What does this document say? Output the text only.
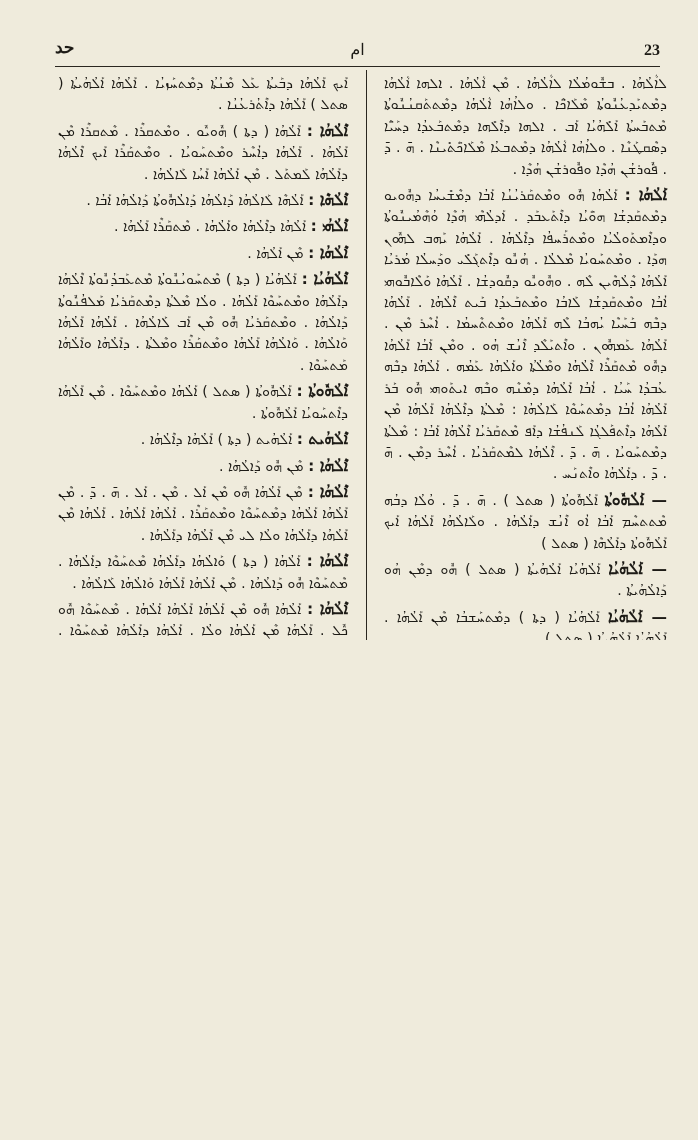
حد	ام	23
ܠܐܵܠܳܗܳܐ . ܒܫܽܘܡܳܠܳܐ ܠܐܵܠܳܗܳܐ . ܡܶܢ ܐܵܠܳܗܳܐ . ܐܠܗܐ ܐܵܠܳܗܳܐ ܕܡܶܬܝܰܕܥܳܢܽܘܬܳܐ ܡܶܠܰܐܟ̈ܶܐ . ܘܠܐܳܗܳܐ ܐܵܠܳܗܳܐ ܕܡܶܬܬܰܩܢܳܢܽܘܬܳܐ ܡܶܬܒܰܚܬܳܐ ܐܰܠܺܗܳܝܳܐ ܐܰܒ . ܐܠܗܐ ܕܐܶܠܺܗܐ ܕܡܶܬܒܰܥܕܳܐ ܕܚܰܝ̈ܶܐ ܕܣܶܩܛܰܢܶܐ . ܘܠܐܳܗܳܐ ܐܵܠܳܗܳܐ ܕܡܶܬܒܥܳܐ ܡܶܠܰܐܟ̈ܰܬܺܝܢܶܐ . ܗ̄ . ܕ̄ . ܦܽܘܪܫܳܢ ܗܳܕܶܐ ܘܦܽܘܪܫܳܢ ܗܳܕܶܐ .
ܐܰܠܳܗܳܐ : ܐܰܠܳܗܳܐ ܗܽܘ ܘܡܶܬܩܰܪܝܳܢܳܐ ܐܰܒܳܐ ܕܡܶܫܺܝܚܳܐ ܕܗܽܘܝܘ ܕܡܶܬܩܰܕܫܳܐ ܗܘ̈ܰܝܳܐ ܕܐܶܬܰܥܒܰܕ . ܐܰܕܠܳܗܶܝ ܗܳܕܶܐ ܘܳܗܶܡܳܝܢܽܘܬܳܐ ܘܕܐܶܡܬܰܘܠܳܝܳܐ ܘܡܶܬܪܰܚܦܳܐ ܕܐܶܠܳܗܳܐ . ܐܰܠܳܗܳܐ ܝܰܗܒ ܠܗܽܘܢ ܗܕܰܐ . ܘܡܶܬܚܰܘܝܳܐ ܡܶܠܠܳܐ . ܗܳܢܽܘ ܕܐܶܬܓܰܠܺܝ ܘܕܰܚܠܳܐ ܡܳܪܝܳܐ ܐܰܠܳܗܳܐ ܕܶܠܳܗܶܝܢ ܠܶܗ . ܘܗܽܘܝܽܘ ܕܩܽܘܕܫܳܐ . ܐܰܠܳܗܳܐ ܘܰܠܶܐܒܽܘܗܝ ܐܳܒܳܐ ܘܡܶܬܩܰܕܫܳܐ ܠܰܐܒܳܐ ܘܡܶܬܒܰܥܕܳܐ ܒܰܝܬ ܐܶܠܳܗܳܐ . ܐܰܠܳܗܳܐ ܕܒܶܗ ܒܰܚܰܝܶܐ ܝܳܗܒܳܐ ܠܶܗ ܐܰܠܳܗܳܐ ܘܡܶܬܬܶܚܡܳܐ . ܐܳܚܶܪ ܡܶܢ . ܐܰܠܳܗܳܐ ܥܰܡܗܽܘܢ . ܘܐܶܬܝܰܠܶܕ ܐܶܢܳܫ ܗܳܘ . ܘܡܶܢ ܐܰܒܳܐ ܐܰܠܳܗܳܐ ܕܗܽܘ ܡܶܬܩܰܪܶܐ ܐܶܠܳܗܳܐ ܘܡܶܠܳܬܳܐ ܘܐܰܠܳܗܳܐ ܥܰܡܳܗ . ܐܰܠܳܗܳܐ ܕܒܶܗ ܥܳܒܕܳܐ ܚܰܝܳܐ . ܐܳܒܳܐ ܐܰܠܳܗܳܐ ܕܡܶܢܶܗ ܘܒܶܗ ܐܝܬܰܘܗܝ ܗܽܘ ܒܰܪ ܐܰܠܳܗܳܐ ܐܳܒܳܐ ܕܡܶܬܚܰܘܶܐ ܠܰܐܠܳܗܳܐ : ܡܶܠܬܳܐ ܕܐܶܠܳܗܳܐ ܐܰܠܳܗܳܐ ܡܶܢ ܐܰܠܳܗܳܐ ܕܐܶܬܦܰܠܓܳܐ ܠܰܢܦܳܫܳܐ ܕܐܰܦ ܡܶܬܩܰܪܝܳܐ ܐܶܠܳܗܳܐ ܐܰܒܳܐ : ܡܶܠܬܳܐ ܕܡܶܬܚܰܘܝܳܐ . ܗ̄ . ܕ̄ . ܐܶܠܳܗܳܐ ܠܡܶܬܩܰܪܝܳܐ . ܐܳܚܶܪ ܕܡܶܢ . ܗ̄ . ܕ̄ . ܕܐܰܠܳܗܳܐ ܘܐܶܬܢܰܚ .
— ܐܰܠܳܗܽܘܬܳܐ ܐܰܠܳܗܽܘܬܳܐ ( ܣܬܠ ) . ܗ̄ . ܕ̄ . ܘܳܠܳܐ ܕܒܳܗ ܡܶܬܬܚܶܡ ܐܰܒܳܐ ܐܳܘ ܐܶܢܳܫ ܕܐܰܠܳܗܳܐ . ܘܠܰܐܠܳܗܳܐ ܐܰܠܳܗܳܐ ܐܰܝܟ ܐܰܠܳܗܽܘܬܳܐ ܕܐܰܠܳܗܶܐ ( ܣܬܠ )
— ܐܰܠܳܗܳܝܳܐ ܐܰܠܳܗܳܝܳܐ ܐܰܠܳܗܳܝܬܳܐ ( ܣܬܠ ) ܗܽܘ ܕܡܶܢ ܗܳܘ ܕܰܐܠܳܗܳܝܬܳܐ .
— ܐܰܠܳܗܳܝܳܐ ܐܰܠܳܗܳܝܳܐ ( ܕܬܐ ) ܕܡܶܬܚܰܫܒܳܐ ܡܶܢ ܐܰܠܳܗܳܐ .
ܐܰܝܟ ܐܰܠܳܗܳܐ ܕܒܰܝܬܳܐ ܥܰܠ ܡܶܢܳܬܳܐ ܕܡܶܬܚܰܙܝܳܐ . ܐܰܠܳܗܳܐ ܐܰܠܳܗܳܝܬܳܐ ( ܣܬܠ ) ܐܰܠܳܗܳܐ ܕܐܶܬܳܪܥܳܢܳܐ .
ܐܶܠܳܗܳܐ : ܐܰܠܳܗܳܐ ( ܕܬܐ ) ܗܽܘܝܽܘ . ܘܡܶܬܩܪܶܐ . ܡܶܬܩܪܶܐ ܡܶܢ ܐܰܠܳܗܳܐ . ܐܰܠܳܗܳܐ ܕܐܳܚܶܪ ܘܡܶܬܚܰܘܝܳܐ . ܘܡܶܬܩܰܪܶܐ ܐܰܝܟ ܐܶܠܳܗܳܐ ܕܐܰܠܳܗܳܐ ܠܰܡܬܰܠ . ܡܶܢ ܐܰܠܳܗܳܐ ܐܰܚܳܐ ܠܰܐܠܳܗܳܐ .
ܐܶܠܳܗܶܐ : ܐܰܠܳܗܶܐ ܠܰܐܠܳܗܳܐ ܕܰܐܠܳܗܳܐ ܕܰܐܠܳܗܽܘܬܳܐ ܕܰܐܠܳܗܳܐ ܐܰܒܳܐ .
ܐܶܠܳܗܳܝ : ܐܰܠܳܗܳܐ ܕܐܶܠܳܗܳܐ ܘܐܰܠܳܗܳܐ . ܡܶܬܩܰܪܶܐ ܐܰܠܳܗܳܐ .
ܐܶܠܳܗܳܐ : ܡܶܢ ܐܰܠܳܗܳܐ .
ܐܶܠܳܗܳܝܳܐ : ܐܰܠܳܗܳܝܳܐ ( ܕܬܐ ) ܡܶܬܚܰܘܝܳܢܽܘܬܳܐ ܡܶܬܥܰܒܕܳܢܽܘܬܳܐ ܐܶܠܳܗܳܐ ܕܐܰܠܳܗܳܐ ܘܡܶܬܚܰܘܶܐ ܐܰܠܳܗܳܐ . ܘܠܳܐ ܡܶܠܬܳܐ ܕܡܶܬܩܰܪܝܳܐ ܡܰܠܦܳܢܽܘܬܳܐ ܕܰܐܠܳܗܳܐ . ܘܡܶܬܩܰܪܝܳܐ ܗܽܘ ܡܶܢ ܐܰܒ ܠܰܐܠܳܗܳܐ . ܐܰܠܳܗܳܐ ܐܰܠܳܗܳܐ ܘܰܐܠܳܗܳܐ . ܘܰܐܠܳܗܳܐ ܐܰܠܳܗܳܐ ܘܡܶܬܩܰܪܶܐ ܘܡܶܠܬܳܐ . ܕܐܰܠܳܗܳܐ ܘܐܰܠܳܗܳܐ ܡܰܬܚܰܘܶܐ .
ܐܶܠܳܗܽܘܬܳܐ : ܐܰܠܳܗܽܘܬܳܐ ( ܣܬܠ ) ܐܰܠܳܗܳܐ ܘܡܶܬܚܰܘܶܐ . ܡܶܢ ܐܰܠܳܗܳܐ ܕܐܶܬܚܰܘܝܳܐ ܐܰܠܳܗܽܘܬܳܐ .
ܐܶܠܳܗܳܝܬ : ܐܰܠܳܗܳܝܬ ( ܕܬܐ ) ܐܰܠܳܗܳܐ ܕܐܶܠܳܗܳܐ .
ܐܶܠܳܗܳܐ : ܡܶܢ ܗܽܘ ܕܰܐܠܳܗܳܐ .
ܐܶܠܳܗܳܐ : ܡܶܢ ܐܰܠܳܗܳܐ ܗܽܘ ܡܶܢ ܐܰܠ . ܡܶܢ . ܐܰܠ . ܗ̄ . ܕ̄ . ܡܶܢ ܐܰܠܳܗܳܐ ܐܰܠܳܗܳܐ ܕܡܶܬܚܰܘܶܐ ܘܡܶܬܩܰܪܶܐ . ܐܰܠܳܗܳܐ ܐܰܠܳܗܳܐ . ܐܰܠܳܗܳܐ ܡܶܢ ܐܰܠܳܗܳܐ ܕܐܰܠܳܗܳܐ ܘܠܳܐ ܠܝ ܡܶܢ ܐܰܠܳܗܳܐ ܕܐܰܠܳܗܳܐ .
ܐܶܠܳܗܳܐ : ܐܰܠܳܗܳܐ ( ܕܬܐ ) ܘܰܐܠܳܗܳܐ ܕܐܰܠܳܗܳܐ ܡܶܬܚܰܘܶܐ ܕܐܰܠܳܗܳܐ . ܡܶܬܚܰܘܶܐ ܗܽܘ ܕܰܐܠܳܗܳܐ . ܡܶܢ ܐܰܠܳܗܳܐ ܐܰܠܳܗܳܐ ܘܰܐܠܳܗܳܐ ܠܰܐܠܳܗܳܐ .
ܐܶܠܳܗܳܐ : ܐܰܠܳܗܳܐ ܗܽܘ ܡܶܢ ܐܰܠܳܗܳܐ ܐܰܠܳܗܳܐ ܐܰܠܳܗܳܐ . ܡܶܬܚܰܘܶܐ ܗܽܘ ܟܽܠ . ܐܰܠܳܗܳܐ ܡܶܢ ܐܰܠܳܗܳܐ ܘܠܳܐ . ܐܰܠܳܗܳܐ ܕܐܰܠܳܗܳܐ ܡܶܬܚܰܘܶܐ .
